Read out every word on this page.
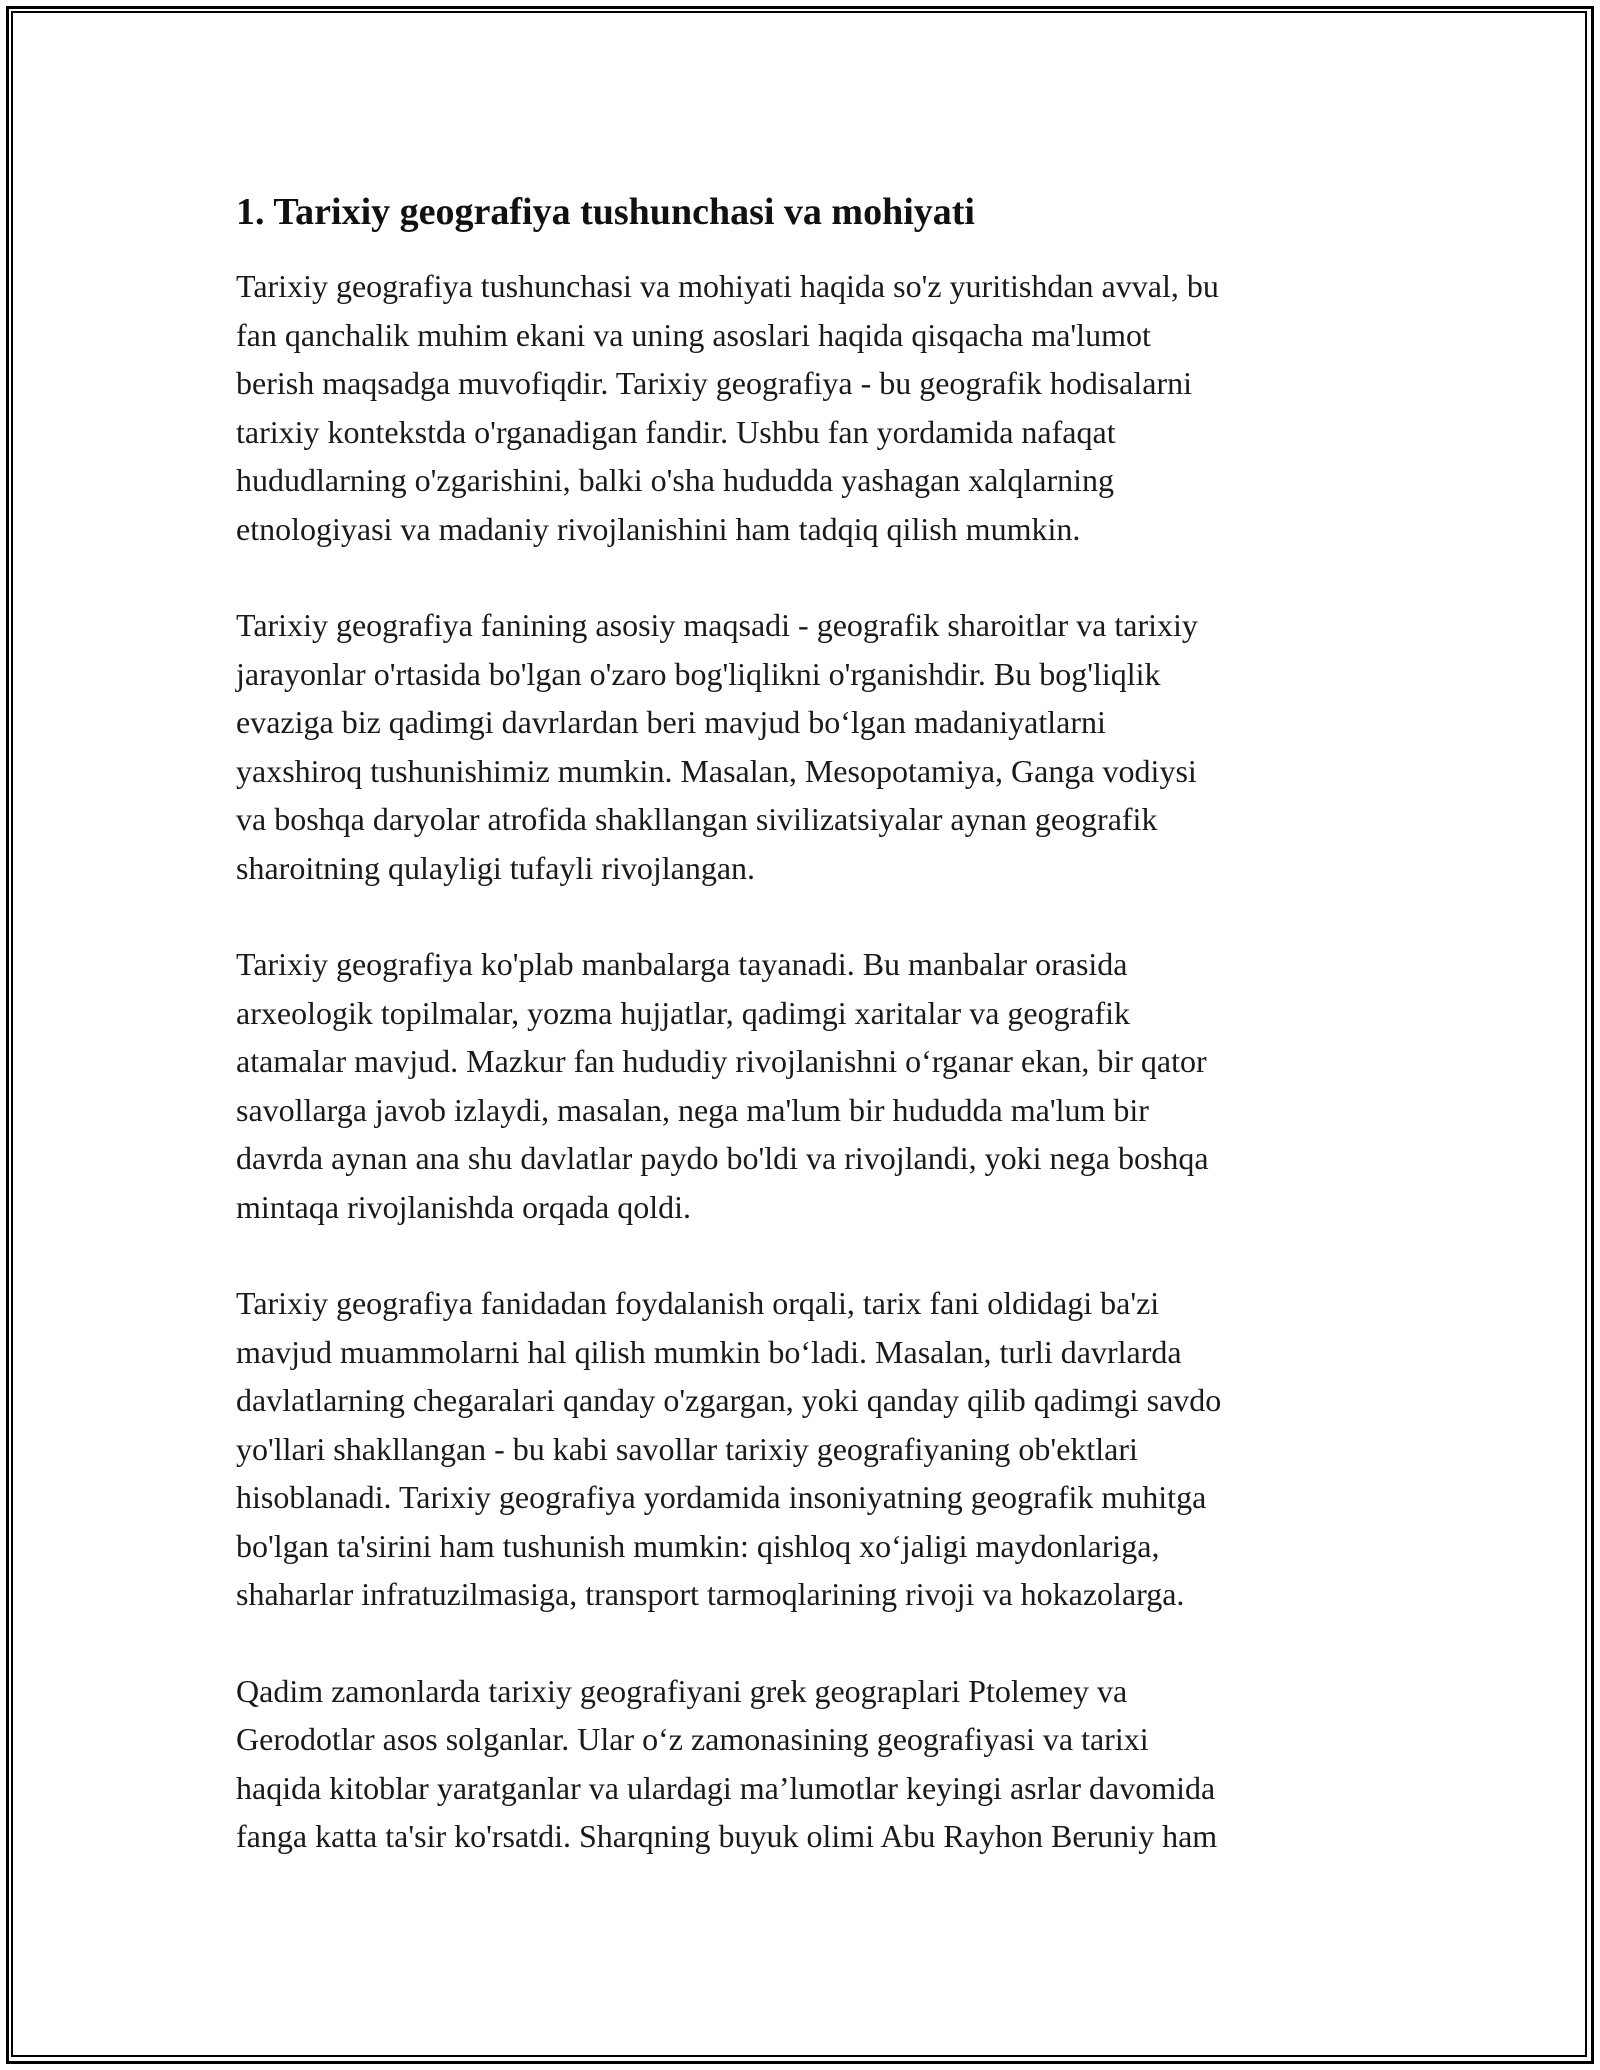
1. Tarixiy geografiya tushunchasi va mohiyati

Tarixiy geografiya tushunchasi va mohiyati haqida so'z yuritishdan avval, bu
fan qanchalik muhim ekani va uning asoslari haqida qisqacha ma'lumot
berish maqsadga muvofiqdir. Tarixiy geografiya - bu geografik hodisalarni
tarixiy kontekstda o'rganadigan fandir. Ushbu fan yordamida nafaqat
hududlarning o'zgarishini, balki o'sha hududda yashagan xalqlarning
etnologiyasi va madaniy rivojlanishini ham tadqiq qilish mumkin.

Tarixiy geografiya fanining asosiy maqsadi - geografik sharoitlar va tarixiy
jarayonlar o'rtasida bo'lgan o'zaro bog'liqlikni o'rganishdir. Bu bog'liqlik
evaziga biz qadimgi davrlardan beri mavjud boʻlgan madaniyatlarni
yaxshiroq tushunishimiz mumkin. Masalan, Mesopotamiya, Ganga vodiysi
va boshqa daryolar atrofida shakllangan sivilizatsiyalar aynan geografik
sharoitning qulayligi tufayli rivojlangan.

Tarixiy geografiya ko'plab manbalarga tayanadi. Bu manbalar orasida
arxeologik topilmalar, yozma hujjatlar, qadimgi xaritalar va geografik
atamalar mavjud. Mazkur fan hududiy rivojlanishni oʻrganar ekan, bir qator
savollarga javob izlaydi, masalan, nega ma'lum bir hududda ma'lum bir
davrda aynan ana shu davlatlar paydo bo'ldi va rivojlandi, yoki nega boshqa
mintaqa rivojlanishda orqada qoldi.

Tarixiy geografiya fanidadan foydalanish orqali, tarix fani oldidagi ba'zi
mavjud muammolarni hal qilish mumkin boʻladi. Masalan, turli davrlarda
davlatlarning chegaralari qanday o'zgargan, yoki qanday qilib qadimgi savdo
yo'llari shakllangan - bu kabi savollar tarixiy geografiyaning ob'ektlari
hisoblanadi. Tarixiy geografiya yordamida insoniyatning geografik muhitga
bo'lgan ta'sirini ham tushunish mumkin: qishloq xoʻjaligi maydonlariga,
shaharlar infratuzilmasiga, transport tarmoqlarining rivoji va hokazolarga.

Qadim zamonlarda tarixiy geografiyani grek geograplari Ptolemey va
Gerodotlar asos solganlar. Ular oʻz zamonasining geografiyasi va tarixi
haqida kitoblar yaratganlar va ulardagi ma’lumotlar keyingi asrlar davomida
fanga katta ta'sir ko'rsatdi. Sharqning buyuk olimi Abu Rayhon Beruniy ham
